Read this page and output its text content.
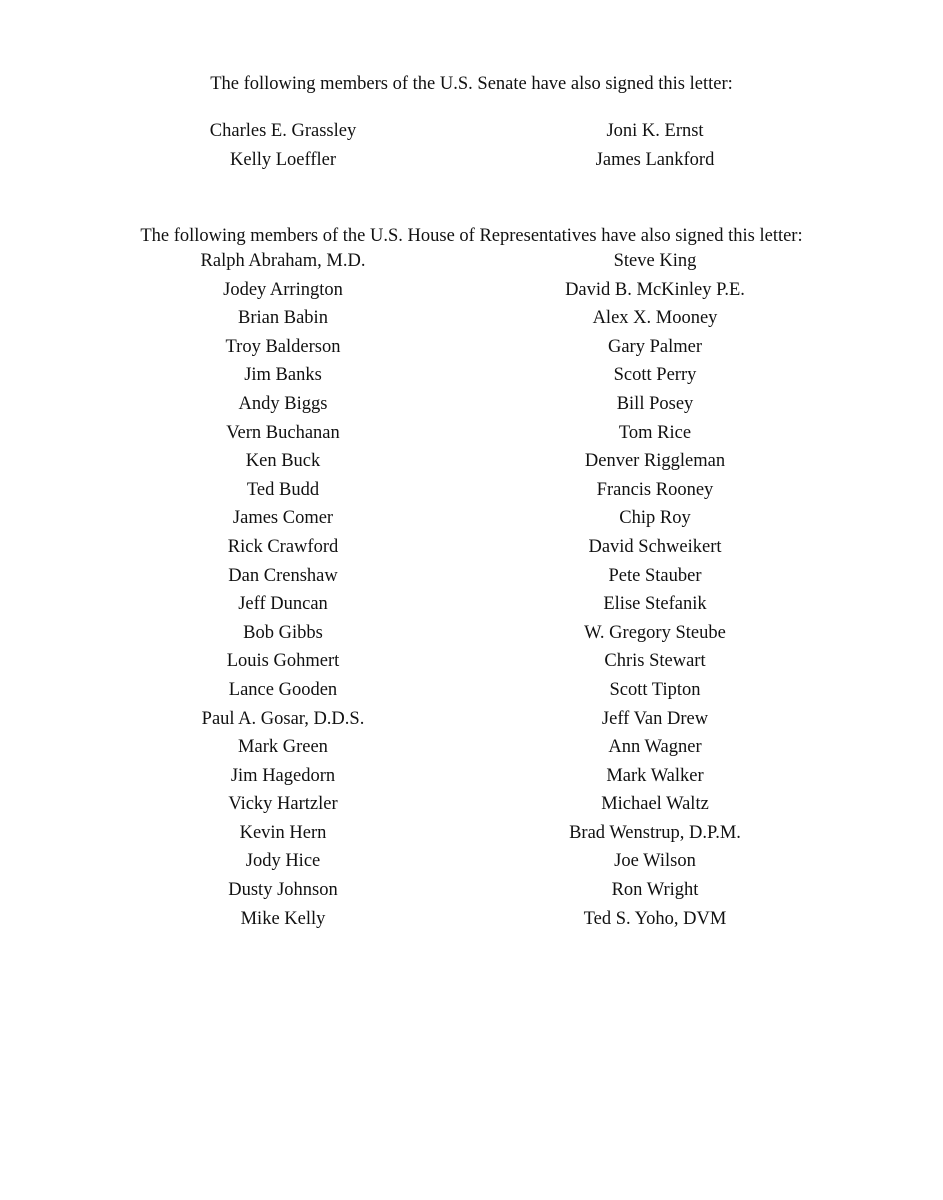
The following members of the U.S. Senate have also signed this letter:
Charles E. Grassley
Kelly Loeffler
Joni K. Ernst
James Lankford
The following members of the U.S. House of Representatives have also signed this letter:
Ralph Abraham, M.D.
Jodey Arrington
Brian Babin
Troy Balderson
Jim Banks
Andy Biggs
Vern Buchanan
Ken Buck
Ted Budd
James Comer
Rick Crawford
Dan Crenshaw
Jeff Duncan
Bob Gibbs
Louis Gohmert
Lance Gooden
Paul A. Gosar, D.D.S.
Mark Green
Jim Hagedorn
Vicky Hartzler
Kevin Hern
Jody Hice
Dusty Johnson
Mike Kelly
Steve King
David B. McKinley P.E.
Alex X. Mooney
Gary Palmer
Scott Perry
Bill Posey
Tom Rice
Denver Riggleman
Francis Rooney
Chip Roy
David Schweikert
Pete Stauber
Elise Stefanik
W. Gregory Steube
Chris Stewart
Scott Tipton
Jeff Van Drew
Ann Wagner
Mark Walker
Michael Waltz
Brad Wenstrup, D.P.M.
Joe Wilson
Ron Wright
Ted S. Yoho, DVM
